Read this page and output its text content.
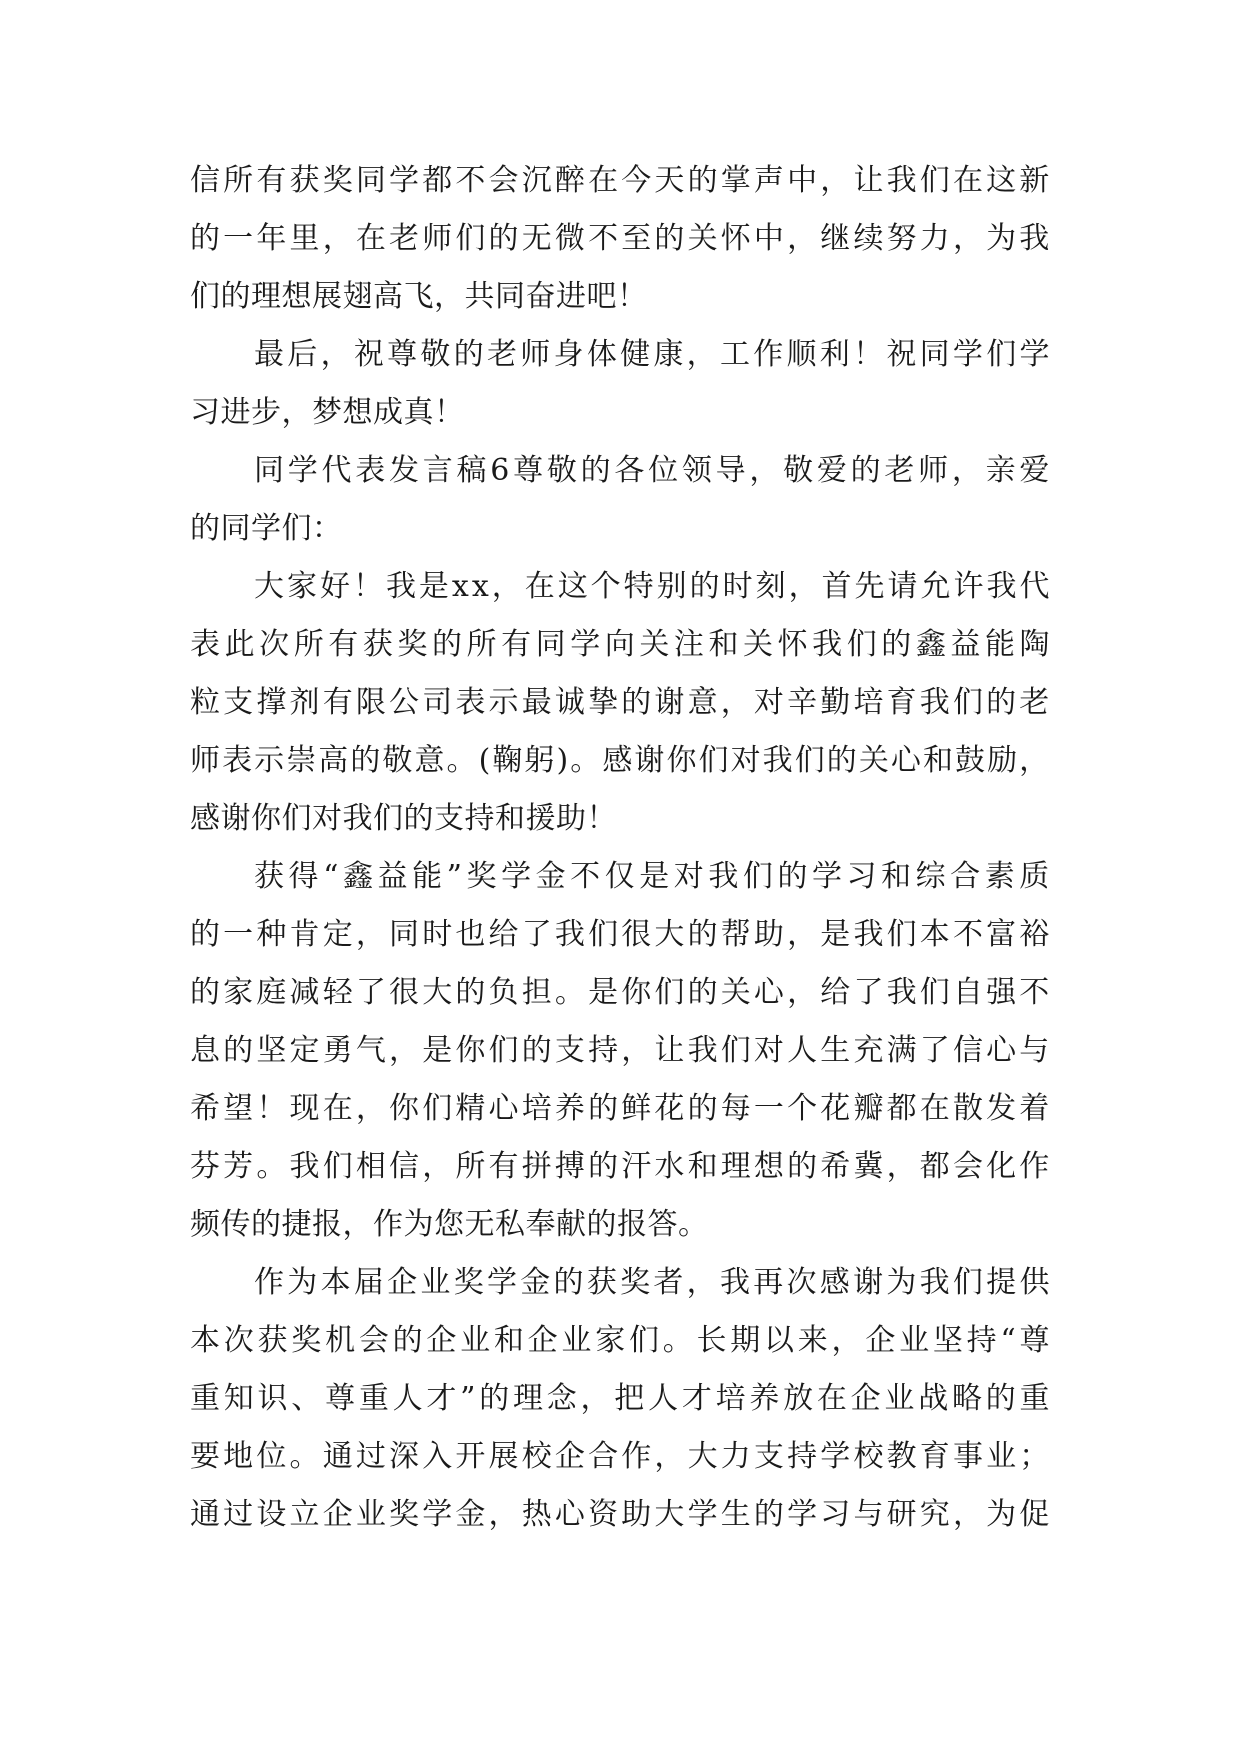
信 所 有 获 奖 同 学 都 不 会 沉 醉 在 今 天 的 掌 声 中 ， 让 我 们 在 这 新
的 一 年 里 ， 在 老 师 们 的 无 微 不 至 的 关 怀 中 ， 继 续 努 力 ， 为 我
们的理想展翅高飞，共同奋进吧！
最 后 ， 祝 尊 敬 的 老 师 身 体 健 康 ， 工 作 顺 利 ！ 祝 同 学 们 学
习进步，梦想成真！
同 学 代 表 发 言 稿 6 尊 敬 的 各 位 领 导 ， 敬 爱 的 老 师 ， 亲 爱
的同学们：
大 家 好 ！ 我 是 x x ， 在 这 个 特 别 的 时 刻 ， 首 先 请 允 许 我 代
表 此 次 所 有 获 奖 的 所 有 同 学 向 关 注 和 关 怀 我 们 的 鑫 益 能 陶
粒 支 撑 剂 有 限 公 司 表 示 最 诚 挚 的 谢 意 ， 对 辛 勤 培 育 我 们 的 老
师 表 示 崇 高 的 敬 意 。 ( 鞠 躬 ) 。 感 谢 你 们 对 我 们 的 关 心 和 鼓 励 ，
感谢你们对我们的支持和援助！
获 得 “ 鑫 益 能 ” 奖 学 金 不 仅 是 对 我 们 的 学 习 和 综 合 素 质
的 一 种 肯 定 ， 同 时 也 给 了 我 们 很 大 的 帮 助 ， 是 我 们 本 不 富 裕
的 家 庭 减 轻 了 很 大 的 负 担 。 是 你 们 的 关 心 ， 给 了 我 们 自 强 不
息 的 坚 定 勇 气 ， 是 你 们 的 支 持 ， 让 我 们 对 人 生 充 满 了 信 心 与
希 望 ！ 现 在 ， 你 们 精 心 培 养 的 鲜 花 的 每 一 个 花 瓣 都 在 散 发 着
芬 芳 。 我 们 相 信 ， 所 有 拼 搏 的 汗 水 和 理 想 的 希 冀 ， 都 会 化 作
频传的捷报，作为您无私奉献的报答。
作 为 本 届 企 业 奖 学 金 的 获 奖 者 ， 我 再 次 感 谢 为 我 们 提 供
本 次 获 奖 机 会 的 企 业 和 企 业 家 们 。 长 期 以 来 ， 企 业 坚 持 “ 尊
重 知 识 、 尊 重 人 才 ” 的 理 念 ， 把 人 才 培 养 放 在 企 业 战 略 的 重
要 地 位 。 通 过 深 入 开 展 校 企 合 作 ， 大 力 支 持 学 校 教 育 事 业 ；
通 过 设 立 企 业 奖 学 金 ， 热 心 资 助 大 学 生 的 学 习 与 研 究 ， 为 促
